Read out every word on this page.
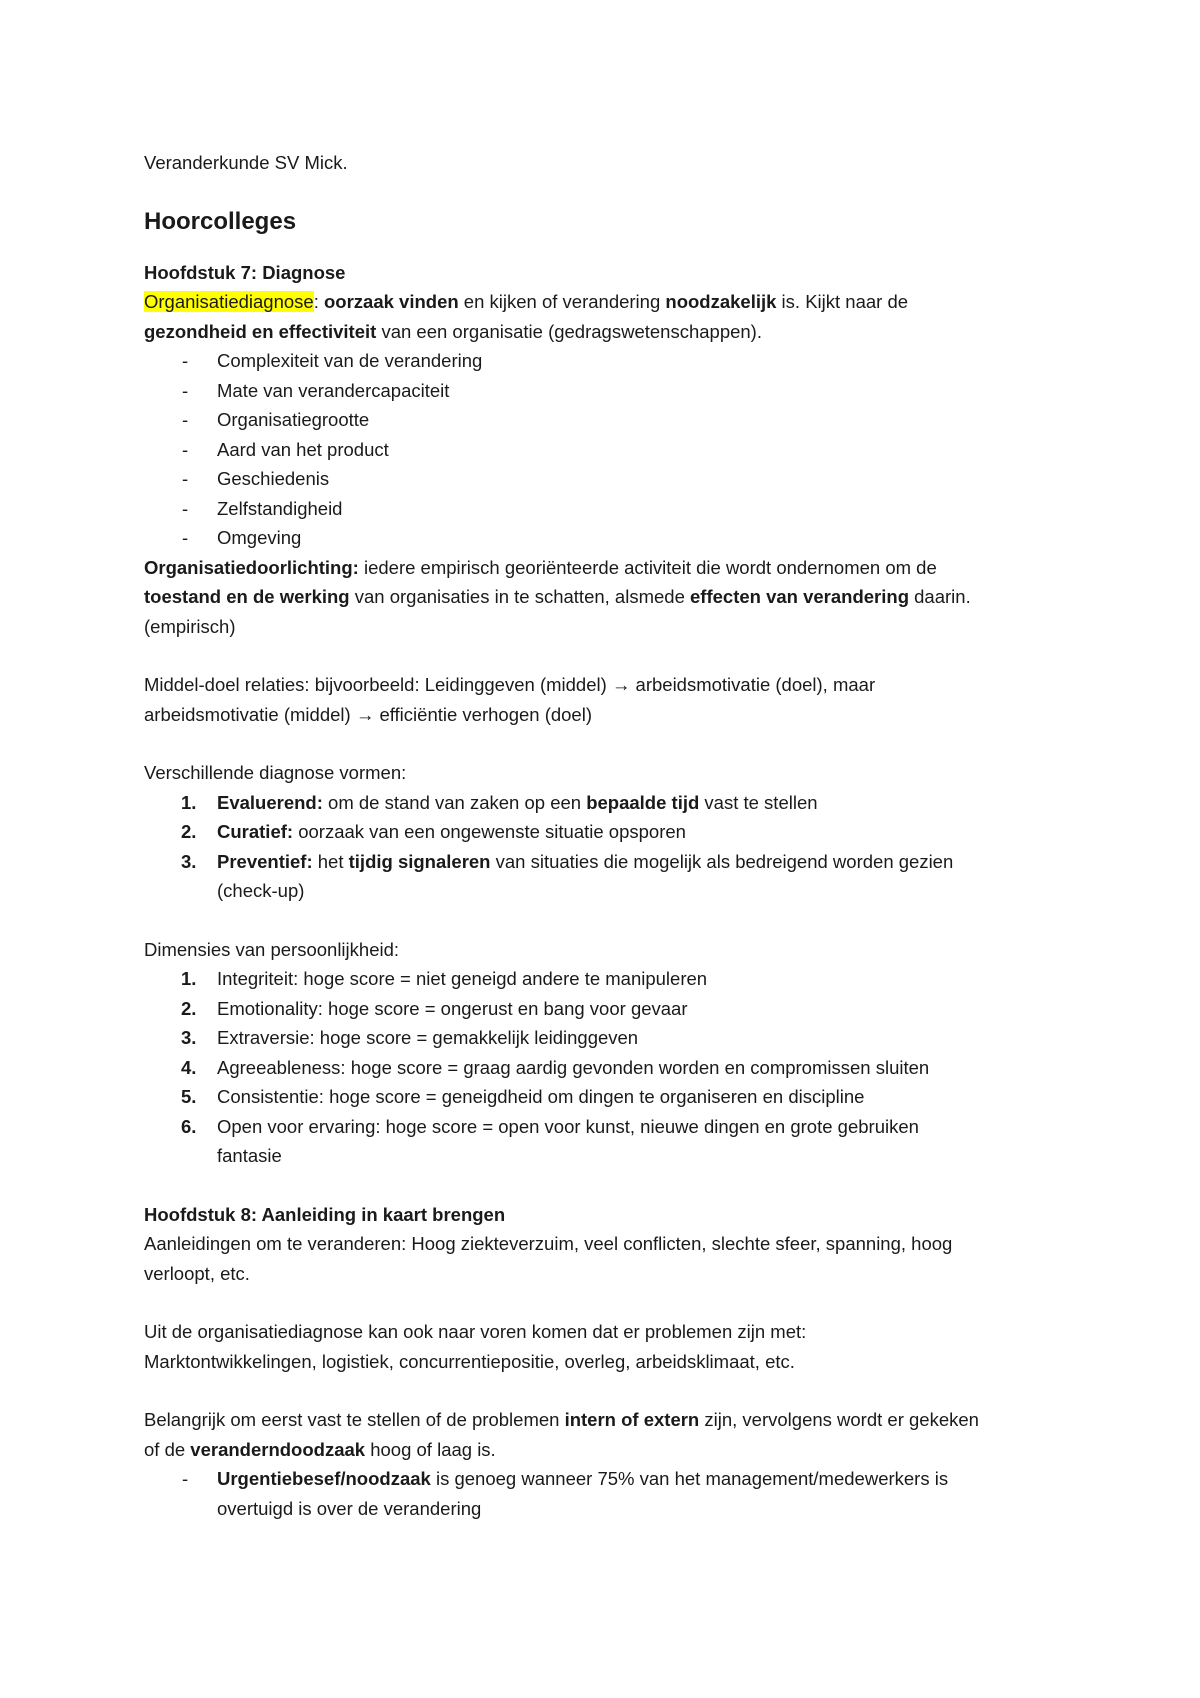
Veranderkunde SV Mick.

Hoorcolleges

Hoofdstuk 7: Diagnose

Organisatiediagnose: oorzaak vinden en kijken of verandering noodzakelijk is. Kijkt naar de

gezondheid en effectiviteit van een organisatie (gedragswetenschappen).

- Complexiteit van de verandering

- Mate van verandercapaciteit

- Organisatiegrootte

- Aard van het product

- Geschiedenis

- Zelfstandigheid

- Omgeving

Organisatiedoorlichting: iedere empirisch georiënteerde activiteit die wordt ondernomen om de

toestand en de werking van organisaties in te schatten, alsmede effecten van verandering daarin.

(empirisch)

Middel-doel relaties: bijvoorbeeld: Leidinggeven (middel) → arbeidsmotivatie (doel), maar

arbeidsmotivatie (middel) → efficiëntie verhogen (doel)

Verschillende diagnose vormen:

1. Evaluerend: om de stand van zaken op een bepaalde tijd vast te stellen

2. Curatief: oorzaak van een ongewenste situatie opsporen

3. Preventief: het tijdig signaleren van situaties die mogelijk als bedreigend worden gezien

(check-up)

Dimensies van persoonlijkheid:

1. Integriteit: hoge score = niet geneigd andere te manipuleren

2. Emotionality: hoge score = ongerust en bang voor gevaar

3. Extraversie: hoge score = gemakkelijk leidinggeven

4. Agreeableness: hoge score = graag aardig gevonden worden en compromissen sluiten

5. Consistentie: hoge score = geneigdheid om dingen te organiseren en discipline

6. Open voor ervaring: hoge score = open voor kunst, nieuwe dingen en grote gebruiken

fantasie

Hoofdstuk 8: Aanleiding in kaart brengen

Aanleidingen om te veranderen: Hoog ziekteverzuim, veel conflicten, slechte sfeer, spanning, hoog

verloopt, etc.

Uit de organisatiediagnose kan ook naar voren komen dat er problemen zijn met:

Marktontwikkelingen, logistiek, concurrentiepositie, overleg, arbeidsklimaat, etc.

Belangrijk om eerst vast te stellen of de problemen intern of extern zijn, vervolgens wordt er gekeken

of de veranderndoodzaak hoog of laag is.

- Urgentiebesef/noodzaak is genoeg wanneer 75% van het management/medewerkers is

overtuigd is over de verandering
